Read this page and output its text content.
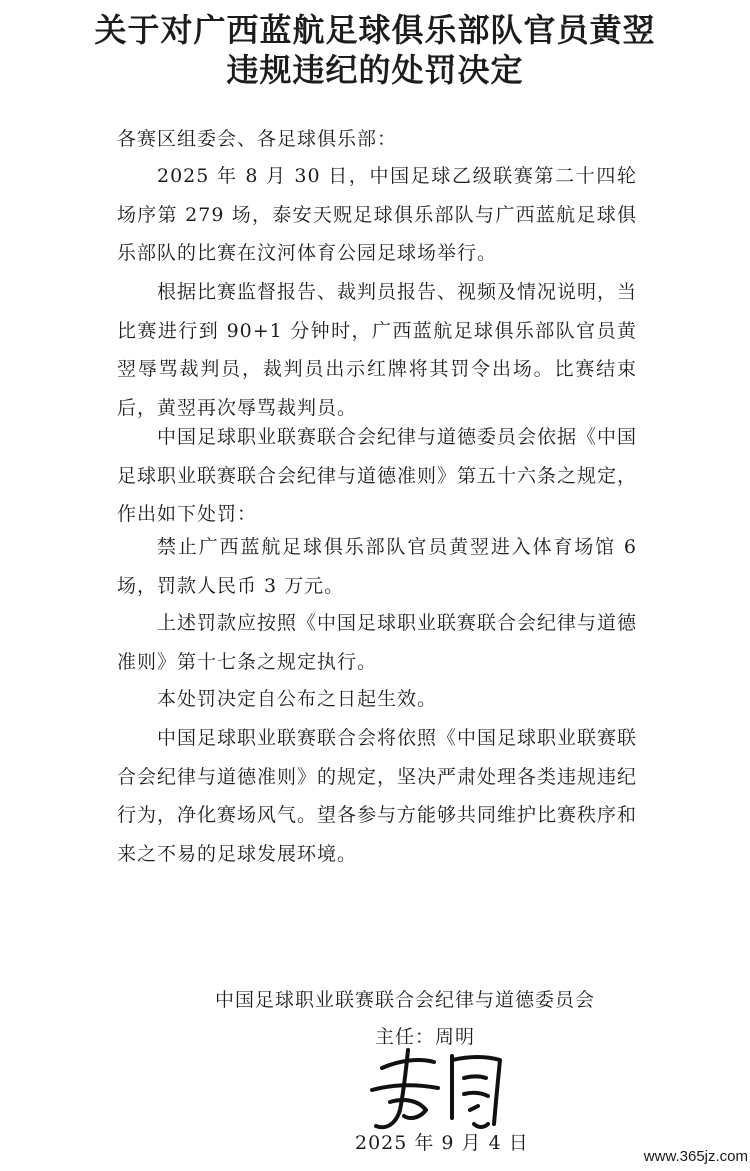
关于对广西蓝航足球俱乐部队官员黄翌
违规违纪的处罚决定
各赛区组委会、各足球俱乐部：
2025 年 8 月 30 日，中国足球乙级联赛第二十四轮场序第 279 场，泰安天贶足球俱乐部队与广西蓝航足球俱乐部队的比赛在汶河体育公园足球场举行。
根据比赛监督报告、裁判员报告、视频及情况说明，当比赛进行到 90+1 分钟时，广西蓝航足球俱乐部队官员黄翌辱骂裁判员，裁判员出示红牌将其罚令出场。比赛结束后，黄翌再次辱骂裁判员。
中国足球职业联赛联合会纪律与道德委员会依据《中国足球职业联赛联合会纪律与道德准则》第五十六条之规定，作出如下处罚：
禁止广西蓝航足球俱乐部队官员黄翌进入体育场馆 6 场，罚款人民币 3 万元。
上述罚款应按照《中国足球职业联赛联合会纪律与道德准则》第十七条之规定执行。
本处罚决定自公布之日起生效。
中国足球职业联赛联合会将依照《中国足球职业联赛联合会纪律与道德准则》的规定，坚决严肃处理各类违规违纪行为，净化赛场风气。望各参与方能够共同维护比赛秩序和来之不易的足球发展环境。
中国足球职业联赛联合会纪律与道德委员会
主任：周明
2025 年 9 月 4 日
www.365jz.com
